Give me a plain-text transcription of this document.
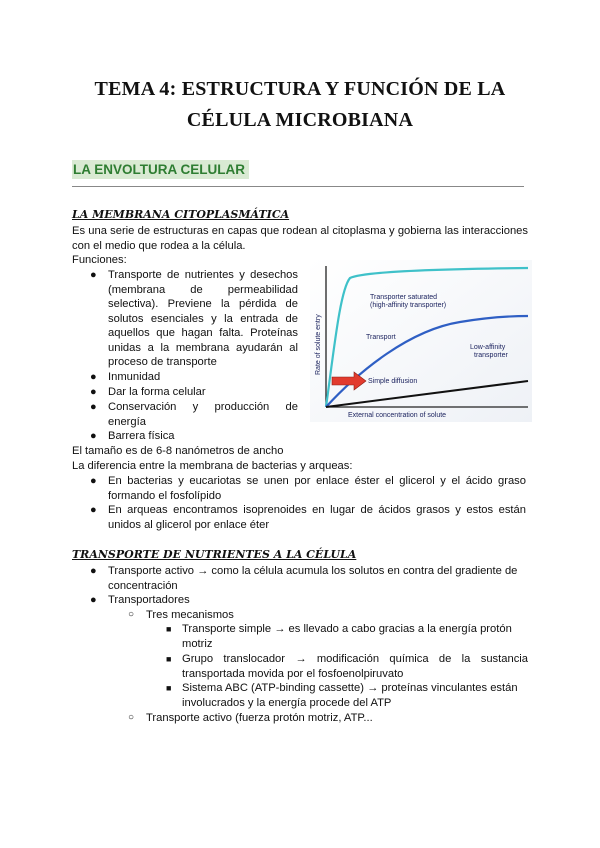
TEMA 4: ESTRUCTURA Y FUNCIÓN DE LA
CÉLULA MICROBIANA
LA ENVOLTURA CELULAR
LA MEMBRANA CITOPLASMÁTICA

Es una serie de estructuras en capas que rodean al citoplasma y gobierna las interacciones con el medio que rodea a la célula.

Funciones:

● Transporte de nutrientes y desechos (membrana de permeabilidad selectiva). Previene la pérdida de solutos esenciales y la entrada de aquellos que hagan falta. Proteínas unidas a la membrana ayudarán al proceso de transporte

● Inmunidad

● Dar la forma celular

● Conservación y producción de energía

● Barrera física

Rate of solute entry
External concentration of solute
Transporter saturated
(high-affinity transporter)
Transport
Low-affinity
transporter
Simple diffusion

El tamaño es de 6-8 nanómetros de ancho

La diferencia entre la membrana de bacterias y arqueas:

● En bacterias y eucariotas se unen por enlace éster el glicerol y el ácido graso formando el fosfolípido

● En arqueas encontramos isoprenoides en lugar de ácidos grasos y estos están unidos al glicerol por enlace éter

TRANSPORTE DE NUTRIENTES A LA CÉLULA

● Transporte activo → como la célula acumula los solutos en contra del gradiente de concentración

● Transportadores

○ Tres mecanismos

■ Transporte simple → es llevado a cabo gracias a la energía protón motriz

■ Grupo translocador → modificación química de la sustancia transportada movida por el fosfoenolpiruvato

■ Sistema ABC (ATP-binding cassette) → proteínas vinculantes están involucrados y la energía procede del ATP

○ Transporte activo (fuerza protón motriz, ATP...
